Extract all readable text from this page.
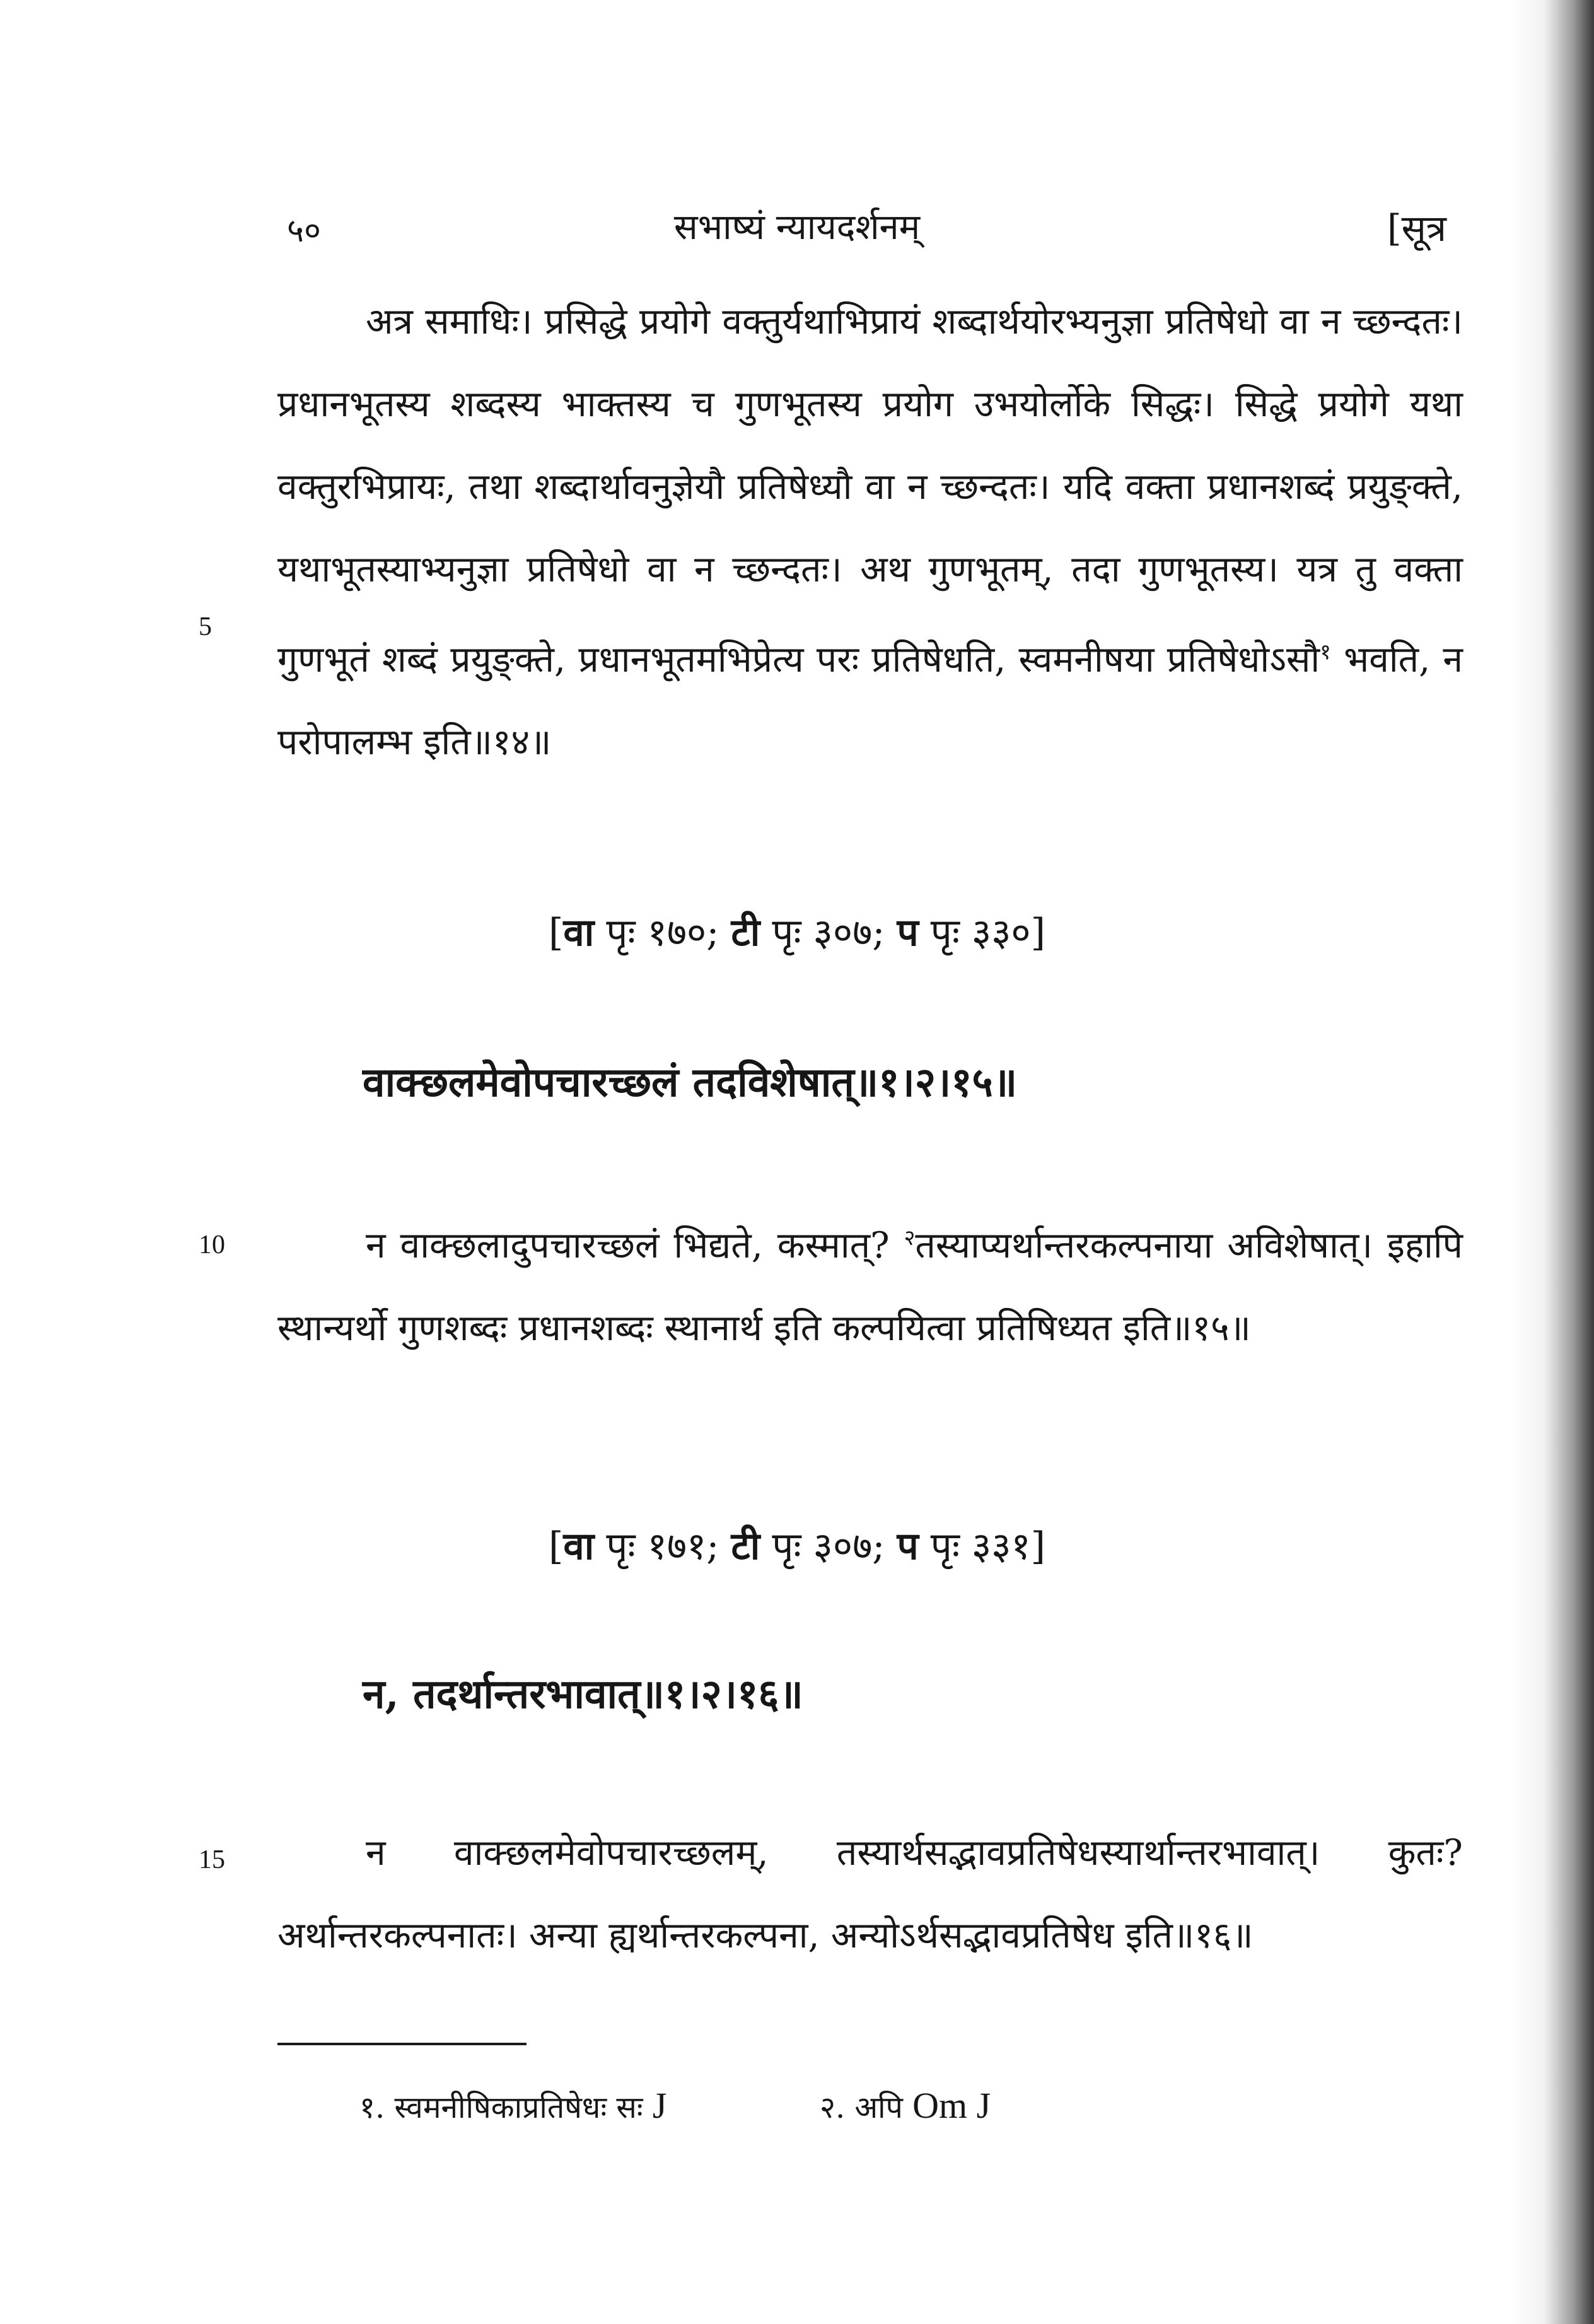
५०	सभाष्यं न्यायदर्शनम्	[सूत्र

अत्र समाधिः। प्रसिद्धे प्रयोगे वक्तुर्यथाभिप्रायं शब्दार्थयोरभ्यनुज्ञा प्रतिषेधो वा न च्छन्दतः। प्रधानभूतस्य शब्दस्य भाक्तस्य च गुणभूतस्य प्रयोग उभयोर्लोके सिद्धः। सिद्धे प्रयोगे यथा वक्तुरभिप्रायः, तथा शब्दार्थावनुज्ञेयौ प्रतिषेध्यौ वा न च्छन्दतः। यदि वक्ता प्रधानशब्दं प्रयुङ्क्ते, यथाभूतस्याभ्यनुज्ञा प्रतिषेधो वा न च्छन्दतः। अथ गुणभूतम्, तदा गुणभूतस्य। यत्र तु वक्ता गुणभूतं शब्दं प्रयुङ्क्ते, प्रधानभूतमभिप्रेत्य परः प्रतिषेधति, स्वमनीषया प्रतिषेधोऽसौ$^१$ भवति, न परोपालम्भ इति॥१४॥

5
[वा पृः १७०; टी पृः ३०७; प पृः ३३०]
वाक्छलमेवोपचारच्छलं तदविशेषात्॥१।२।१५॥

न वाक्छलादुपचारच्छलं भिद्यते, कस्मात्? $^२$तस्याप्यर्थान्तरकल्पनाया अविशेषात्। इहापि स्थान्यर्थो गुणशब्दः प्रधानशब्दः स्थानार्थ इति कल्पयित्वा प्रतिषिध्यत इति॥१५॥

10
[वा पृः १७१; टी पृः ३०७; प पृः ३३१]
न, तदर्थान्तरभावात्॥१।२।१६॥

न वाक्छलमेवोपचारच्छलम्, तस्यार्थसद्भावप्रतिषेधस्यार्थान्तरभावात्। कुतः? अर्थान्तरकल्पनातः। अन्या ह्यर्थान्तरकल्पना, अन्योऽर्थसद्भावप्रतिषेध इति॥१६॥

15
१. स्वमनीषिकाप्रतिषेधः सः J	२. अपि Om J
